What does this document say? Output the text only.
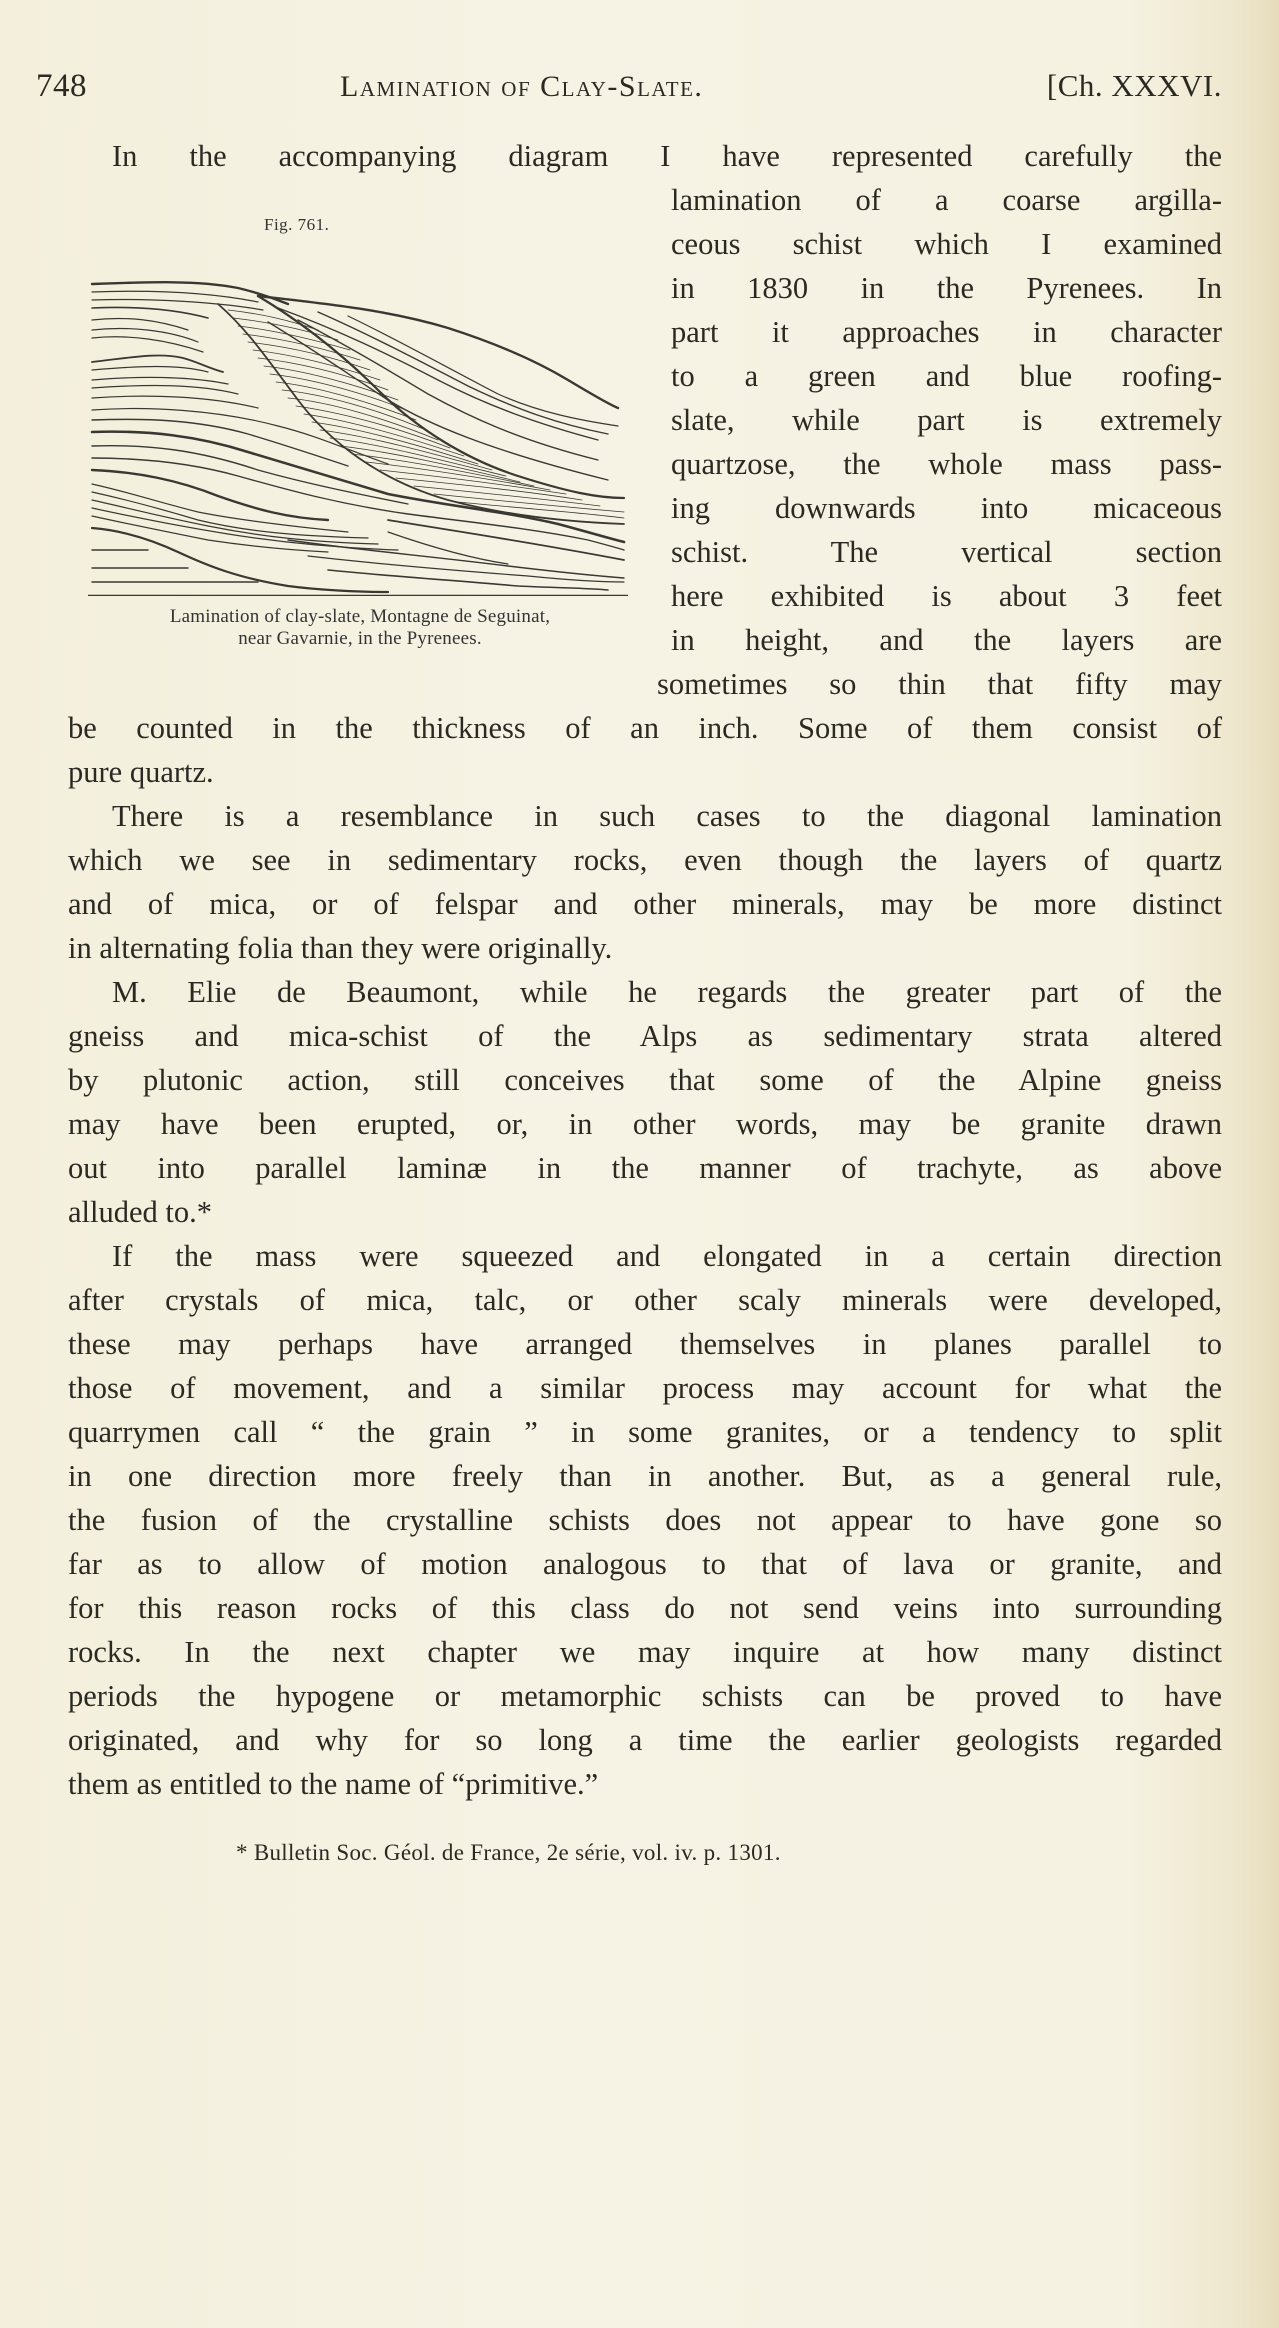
748	Lamination of Clay-Slate.	[Ch. XXXVI.
In the accompanying diagram I have represented carefully the
Fig. 761.
Lamination of clay-slate, Montagne de Seguinat,
near Gavarnie, in the Pyrenees.
lamination of a coarse argilla-
ceous schist which I examined
in 1830 in the Pyrenees. In
part it approaches in character
to a green and blue roofing-
slate, while part is extremely
quartzose, the whole mass pass-
ing downwards into micaceous
schist. The vertical section
here exhibited is about 3 feet
in height, and the layers are
sometimes so thin that fifty may
be counted in the thickness of an inch. Some of them consist of
pure quartz.
There is a resemblance in such cases to the diagonal lamination
which we see in sedimentary rocks, even though the layers of quartz
and of mica, or of felspar and other minerals, may be more distinct
in alternating folia than they were originally.
M. Elie de Beaumont, while he regards the greater part of the
gneiss and mica-schist of the Alps as sedimentary strata altered
by plutonic action, still conceives that some of the Alpine gneiss
may have been erupted, or, in other words, may be granite drawn
out into parallel laminæ in the manner of trachyte, as above
alluded to.*
If the mass were squeezed and elongated in a certain direction
after crystals of mica, talc, or other scaly minerals were developed,
these may perhaps have arranged themselves in planes parallel to
those of movement, and a similar process may account for what the
quarrymen call “ the grain ” in some granites, or a tendency to split
in one direction more freely than in another. But, as a general rule,
the fusion of the crystalline schists does not appear to have gone so
far as to allow of motion analogous to that of lava or granite, and
for this reason rocks of this class do not send veins into surrounding
rocks. In the next chapter we may inquire at how many distinct
periods the hypogene or metamorphic schists can be proved to have
originated, and why for so long a time the earlier geologists regarded
them as entitled to the name of “primitive.”
* Bulletin Soc. Géol. de France, 2e série, vol. iv. p. 1301.
